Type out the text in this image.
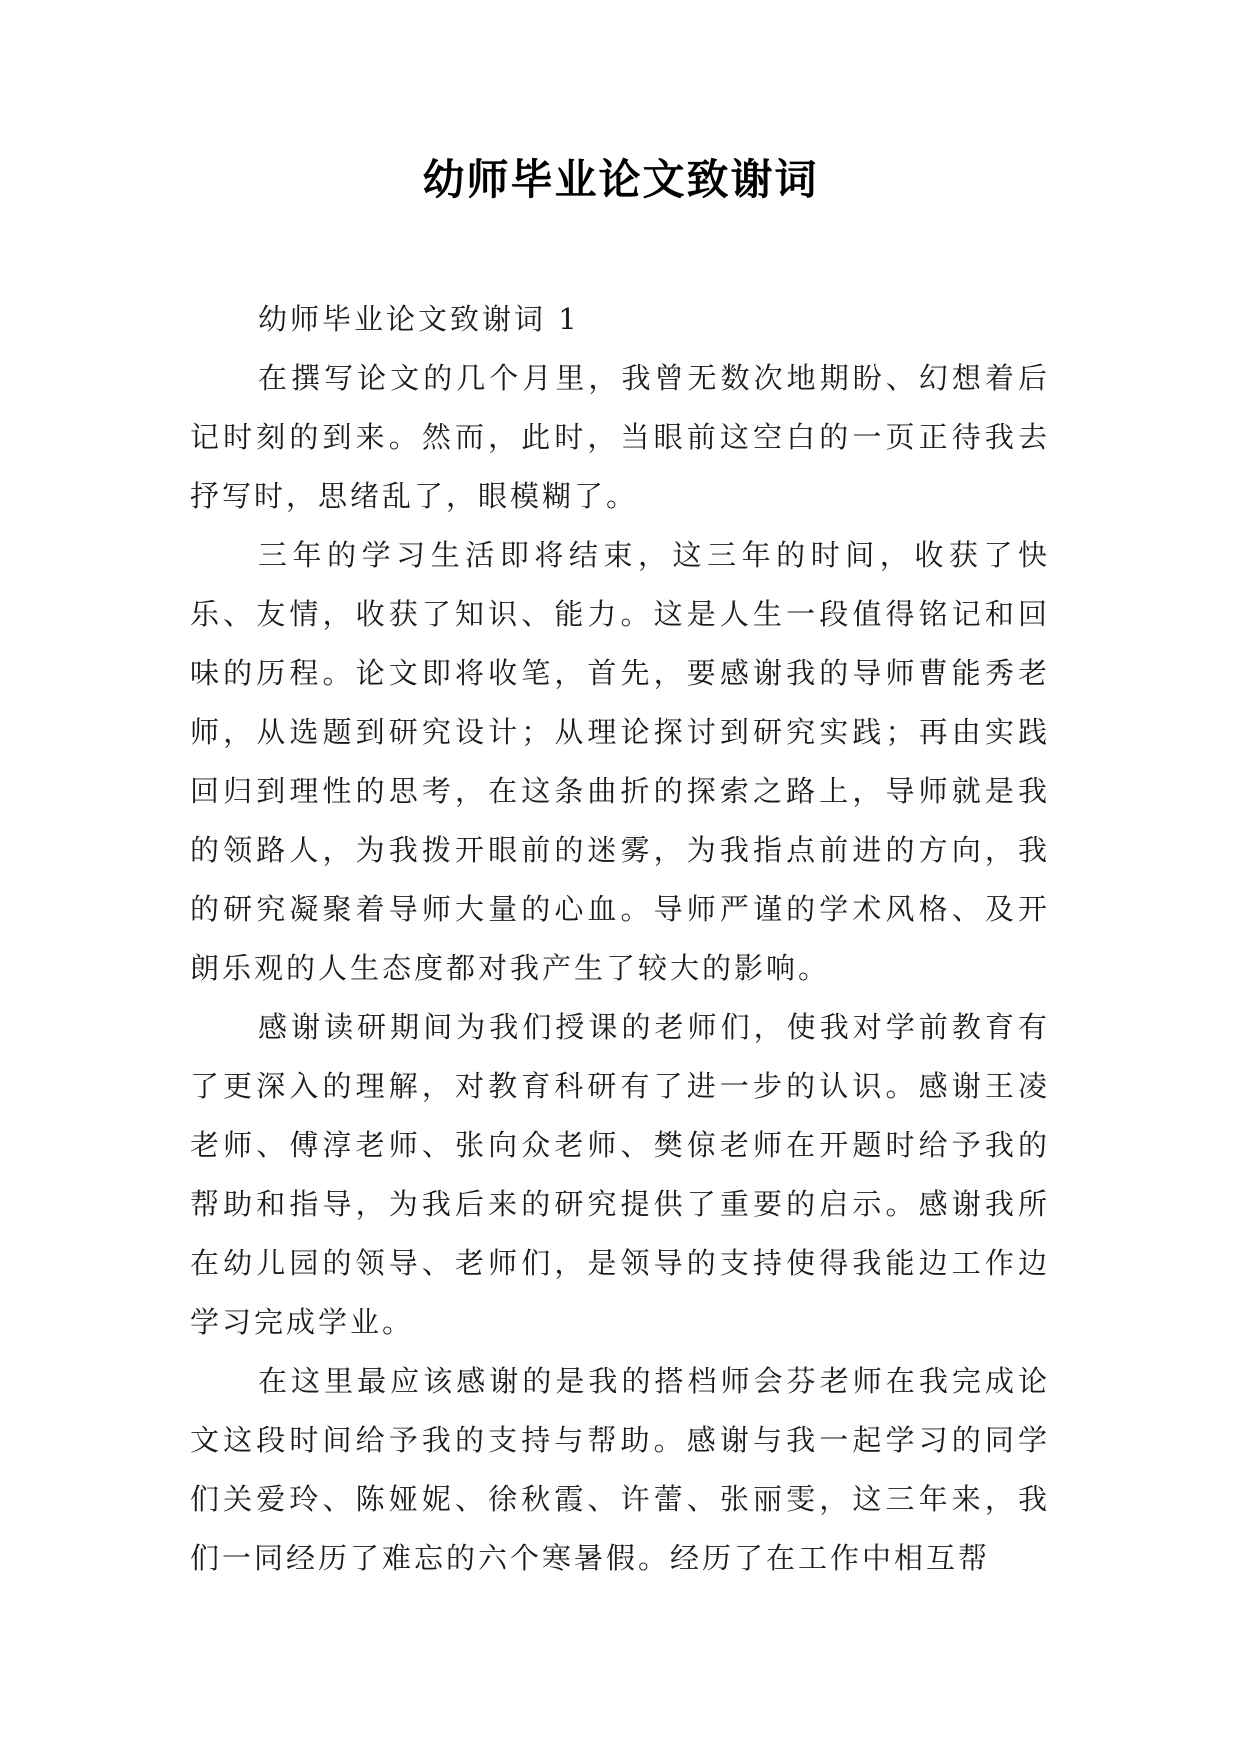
幼师毕业论文致谢词

幼师毕业论文致谢词 1

在撰写论文的几个月里，我曾无数次地期盼、幻想着后记时刻的到来。然而，此时，当眼前这空白的一页正待我去抒写时，思绪乱了，眼模糊了。

三年的学习生活即将结束，这三年的时间，收获了快乐、友情，收获了知识、能力。这是人生一段值得铭记和回味的历程。论文即将收笔，首先，要感谢我的导师曹能秀老师，从选题到研究设计；从理论探讨到研究实践；再由实践回归到理性的思考，在这条曲折的探索之路上，导师就是我的领路人，为我拨开眼前的迷雾，为我指点前进的方向，我的研究凝聚着导师大量的心血。导师严谨的学术风格、及开朗乐观的人生态度都对我产生了较大的影响。

感谢读研期间为我们授课的老师们，使我对学前教育有了更深入的理解，对教育科研有了进一步的认识。感谢王凌老师、傅淳老师、张向众老师、樊倞老师在开题时给予我的帮助和指导，为我后来的研究提供了重要的启示。感谢我所在幼儿园的领导、老师们，是领导的支持使得我能边工作边学习完成学业。

在这里最应该感谢的是我的搭档师会芬老师在我完成论文这段时间给予我的支持与帮助。感谢与我一起学习的同学们关爱玲、陈娅妮、徐秋霞、许蕾、张丽雯，这三年来，我们一同经历了难忘的六个寒暑假。经历了在工作中相互帮
